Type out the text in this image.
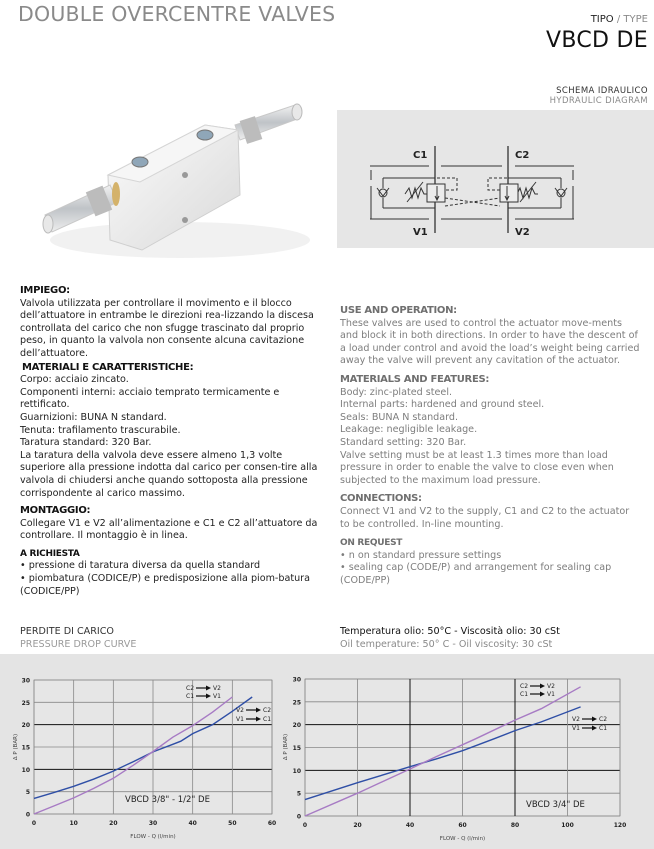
DOUBLE OVERCENTRE VALVES	TIPO / TYPE
VBCD DE
SCHEMA IDRAULICO
HYDRAULIC DIAGRAM
C1	C2
V1	V2

IMPIEGO:

Valvola utilizzata per controllare il movimento e il blocco dell’attuatore in entrambe le direzioni rea-lizzando la discesa controllata del carico che non sfugge trascinato dal proprio peso, in quanto la valvola non consente alcuna cavitazione dell’attuatore.

MATERIALI E CARATTERISTICHE:

Corpo: acciaio zincato.

Componenti interni: acciaio temprato termicamente e rettificato.

Guarnizioni: BUNA N standard.

Tenuta: trafilamento trascurabile.

Taratura standard: 320 Bar.

La taratura della valvola deve essere almeno 1,3 volte superiore alla pressione indotta dal carico per consen-tire alla valvola di chiudersi anche quando sottoposta alla pressione corrispondente al carico massimo.

MONTAGGIO:

Collegare V1 e V2 all’alimentazione e C1 e C2 all’attuatore da controllare. Il montaggio è in linea.

A RICHIESTA

• pressione di taratura diversa da quella standard

• piombatura (CODICE/P) e predisposizione alla piom-batura (CODICE/PP)

PERDITE DI CARICO
PRESSURE DROP CURVE

USE AND OPERATION:

These valves are used to control the actuator move-ments and block it in both directions. In order to have the descent of a load under control and avoid the load’s weight being carried away the valve will prevent any cavitation of the actuator.

MATERIALS AND FEATURES:

Body: zinc-plated steel.

Internal parts: hardened and ground steel.

Seals: BUNA N standard.

Leakage: negligible leakage.

Standard setting: 320 Bar.

Valve setting must be at least 1.3 times more than load pressure in order to enable the valve to close even when subjected to the maximum load pressure.

CONNECTIONS:

Connect V1 and V2 to the supply, C1 and C2 to the actuator to be controlled. In-line mounting.

ON REQUEST

• n on standard pressure settings

• sealing cap (CODE/P) and arrangement for sealing cap (CODE/PP)

Temperatura olio: 50°C - Viscosità olio: 30 cSt
Oil temperature: 50° C - Oil viscosity: 30 cSt
0
5
10
15
20
25
30
0	10	20	30	40	50	60
FLOW - Q (l/min)
Δ P (BAR)	Δ P (BAR)
C2	V2
C1	V1
V2	C2
V1	C1
VBCD 3/8" - 1/2" DE
0
5
10
15
20
25
30
0	20	40	60	80	100	120
FLOW - Q (l/min)
C2	V2
C1	V1
V2	C2
V1	C1
VBCD 3/4" DE
